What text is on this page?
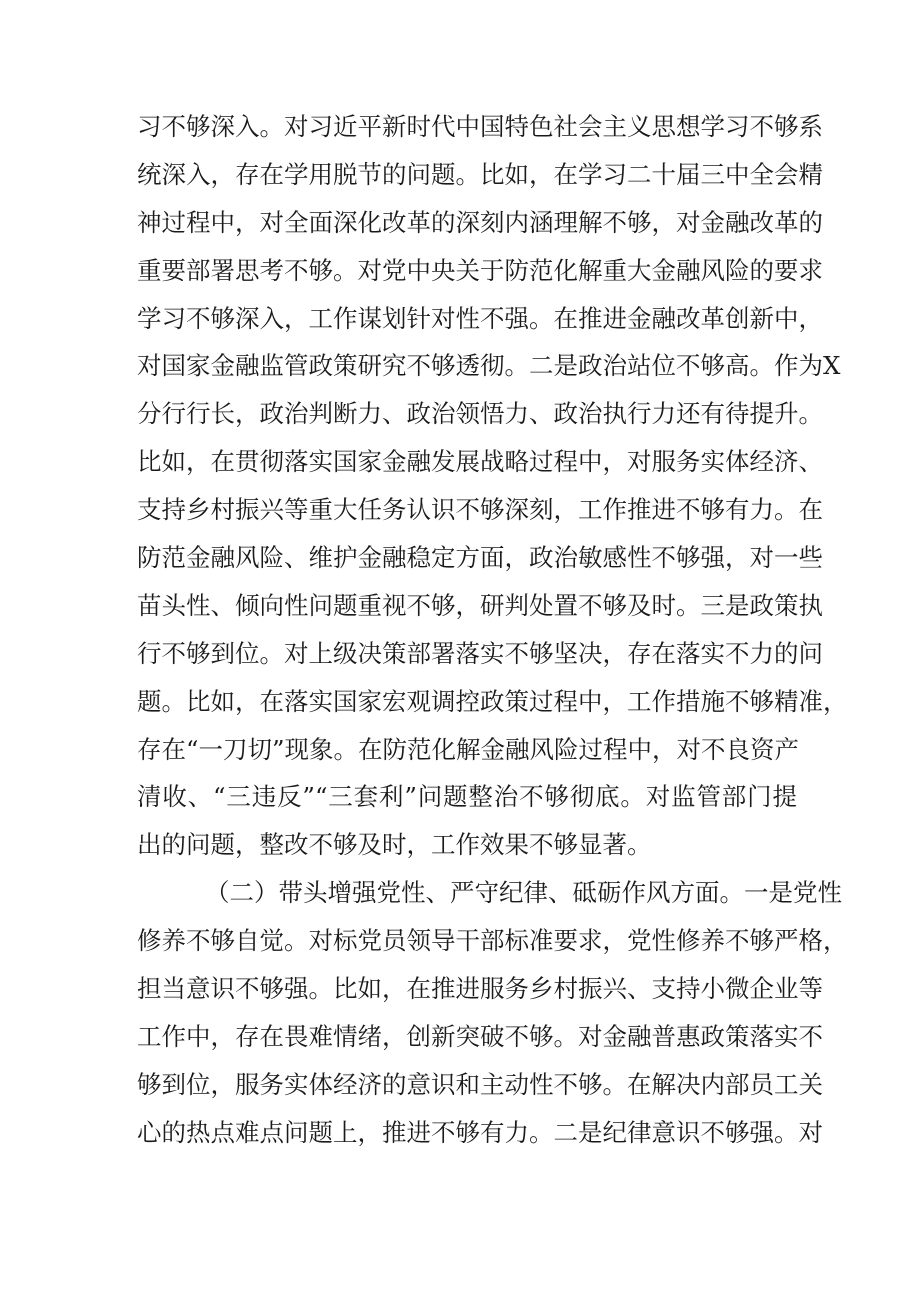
习不够深入。对习近平新时代中国特色社会主义思想学习不够系
统深入，存在学用脱节的问题。比如，在学习二十届三中全会精
神过程中，对全面深化改革的深刻内涵理解不够，对金融改革的
重要部署思考不够。对党中央关于防范化解重大金融风险的要求
学习不够深入，工作谋划针对性不强。在推进金融改革创新中，
对国家金融监管政策研究不够透彻。二是政治站位不够高。作为X
分行行长，政治判断力、政治领悟力、政治执行力还有待提升。
比如，在贯彻落实国家金融发展战略过程中，对服务实体经济、
支持乡村振兴等重大任务认识不够深刻，工作推进不够有力。在
防范金融风险、维护金融稳定方面，政治敏感性不够强，对一些
苗头性、倾向性问题重视不够，研判处置不够及时。三是政策执
行不够到位。对上级决策部署落实不够坚决，存在落实不力的问
题。比如，在落实国家宏观调控政策过程中，工作措施不够精准，
存在“一刀切”现象。在防范化解金融风险过程中，对不良资产
清收、“三违反”“三套利”问题整治不够彻底。对监管部门提
出的问题，整改不够及时，工作效果不够显著。
（二）带头增强党性、严守纪律、砥砺作风方面。一是党性
修养不够自觉。对标党员领导干部标准要求，党性修养不够严格，
担当意识不够强。比如，在推进服务乡村振兴、支持小微企业等
工作中，存在畏难情绪，创新突破不够。对金融普惠政策落实不
够到位，服务实体经济的意识和主动性不够。在解决内部员工关
心的热点难点问题上，推进不够有力。二是纪律意识不够强。对
